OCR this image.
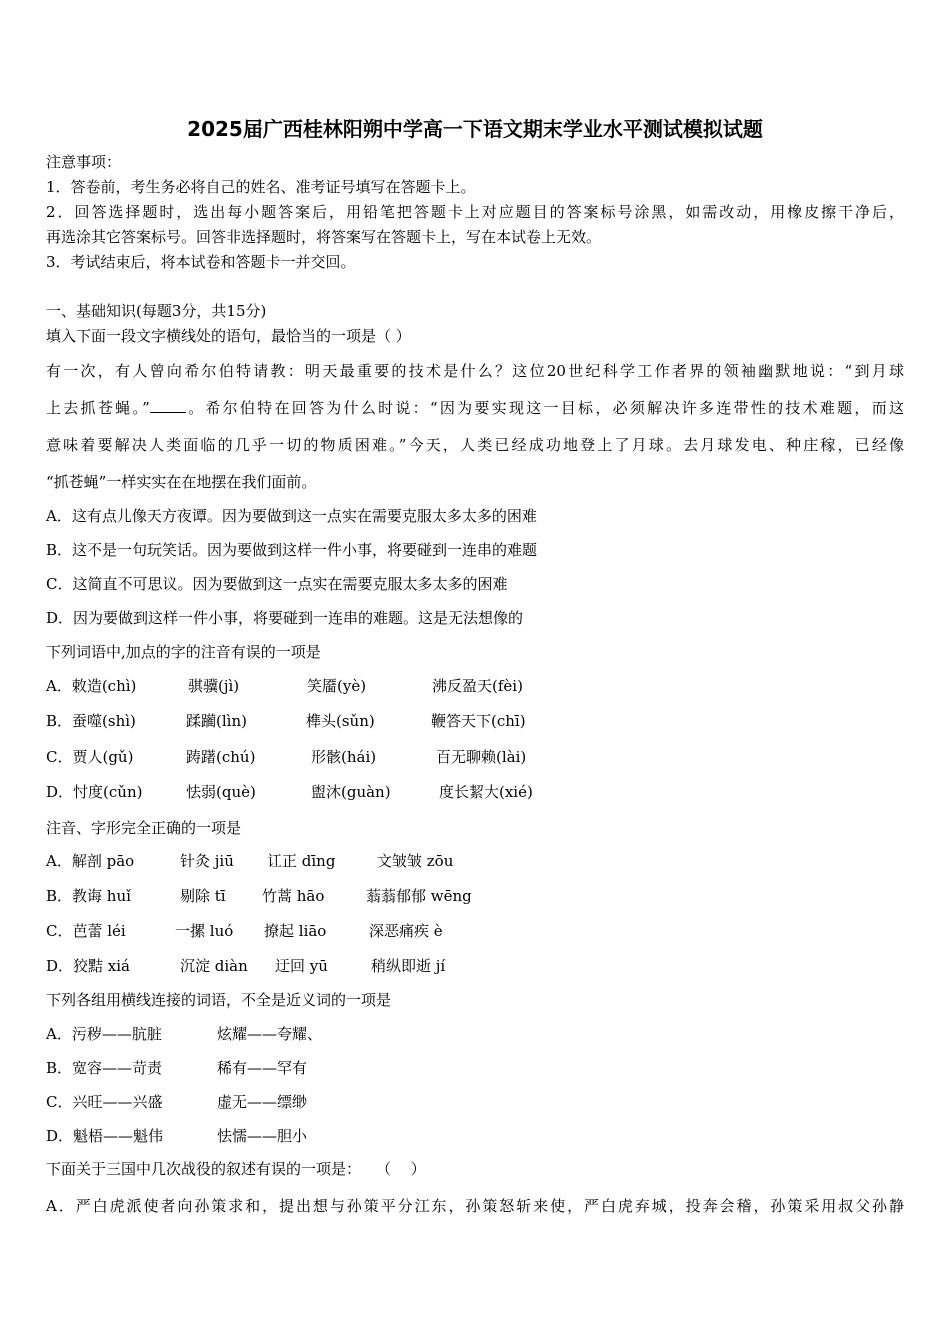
2025届广西桂林阳朔中学高一下语文期末学业水平测试模拟试题
注意事项：
1．答卷前，考生务必将自己的姓名、准考证号填写在答题卡上。
2．回答选择题时，选出每小题答案后，用铅笔把答题卡上对应题目的答案标号涂黑，如需改动，用橡皮擦干净后，
再选涂其它答案标号。回答非选择题时，将答案写在答题卡上，写在本试卷上无效。
3．考试结束后，将本试卷和答题卡一并交回。
一、基础知识(每题3分，共15分)
填入下面一段文字横线处的语句，最恰当的一项是（ ）
有一次，有人曾向希尔伯特请教：明天最重要的技术是什么？这位20世纪科学工作者界的领袖幽默地说：“到月球
上去抓苍蝇。” 。希尔伯特在回答为什么时说：“因为要实现这一目标，必须解决许多连带性的技术难题，而这
意味着要解决人类面临的几乎一切的物质困难。”今天，人类已经成功地登上了月球。去月球发电、种庄稼，已经像
“抓苍蝇”一样实实在在地摆在我们面前。
A．这有点儿像天方夜谭。因为要做到这一点实在需要克服太多太多的困难
B．这不是一句玩笑话。因为要做到这样一件小事，将要碰到一连串的难题
C．这简直不可思议。因为要做到这一点实在需要克服太多太多的困难
D．因为要做到这样一件小事，将要碰到一连串的难题。这是无法想像的
下列词语中,加点的字的注音有误的一项是
A．敕造(chì)	骐骥(jì)	笑靥(yè)	沸反盈天(fèi)
B．蚕噬(shì)	蹂躏(lìn)	榫头(sǔn)	鞭答天下(chī)
C．贾人(gǔ)	踌躇(chú)	形骸(hái)	百无聊赖(lài)
D．忖度(cǔn)	怯弱(què)	盥沐(guàn)	度长絜大(xié)
注音、字形完全正确的一项是
A．解剖 pāo	针灸 jiū 讧正 dīng	文皱皱 zōu
B．教诲 huǐ	剔除 tī 竹蒿 hāo	蓊蓊郁郁 wēng
C．芭蕾 léi	一摞 luó 撩起 liāo	深恶痛疾 è
D．狡黠 xiá	沉淀 diàn 迂回 yū	稍纵即逝 jí
下列各组用横线连接的词语，不全是近义词的一项是
A．污秽——肮脏	炫耀——夸耀、
B．宽容——苛责	稀有——罕有
C．兴旺——兴盛	虚无——缥缈
D．魁梧——魁伟	怯懦——胆小
下面关于三国中几次战役的叙述有误的一项是：　　（　 ）
A．严白虎派使者向孙策求和，提出想与孙策平分江东，孙策怒斩来使，严白虎弃城，投奔会稽，孙策采用叔父孙静
